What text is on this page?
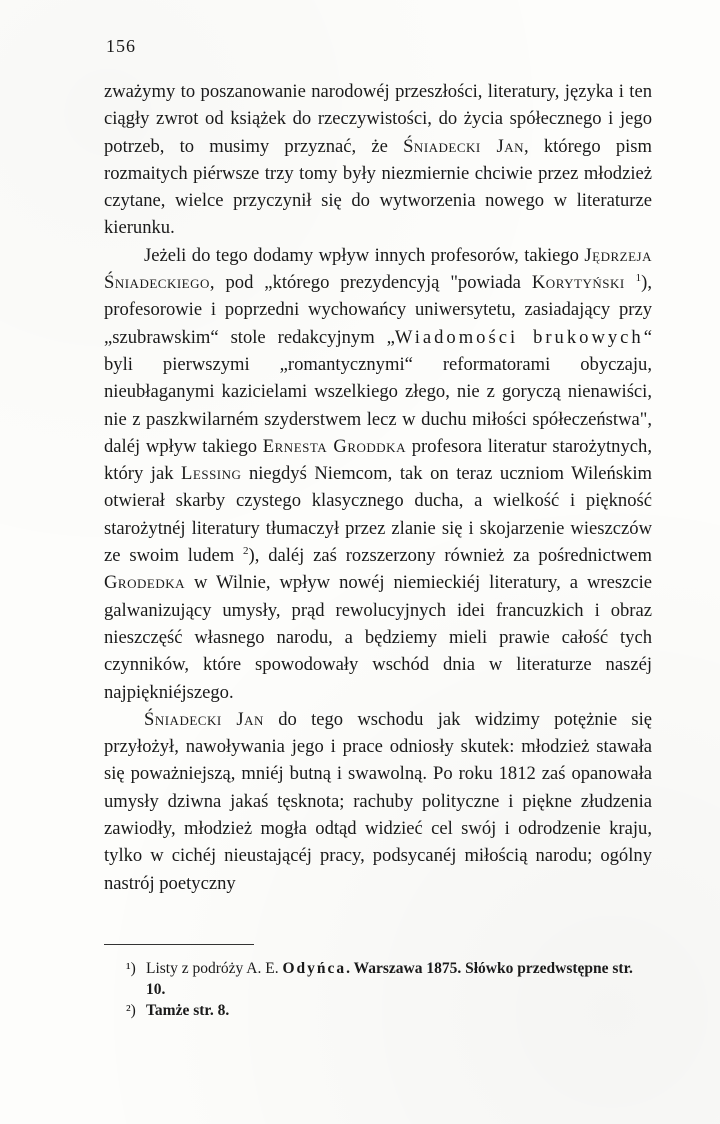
156

zważymy to poszanowanie narodowéj przeszłości, literatury, języka i ten ciągły zwrot od książek do rzeczywistości, do życia spółecznego i jego potrzeb, to musimy przyznać, że Śniadecki Jan, którego pism rozmaitych piérwsze trzy tomy były niezmiernie chciwie przez młodzież czytane, wielce przyczynił się do wytworzenia nowego w literaturze kierunku.

Jeżeli do tego dodamy wpływ innych profesorów, takiego Jędrzeja Śniadeckiego, pod „którego prezydencyją "powiada Korytyński $^1$), profesorowie i poprzedni wychowańcy uniwersytetu, zasiadający przy „szubrawskim“ stole redakcyjnym „Wiadomości brukowych“ byli pierwszymi „romantycznymi“ reformatorami obyczaju, nieubłaganymi kazicielami wszelkiego złego, nie z goryczą nienawiści, nie z paszkwilarném szyderstwem lecz w duchu miłości spółeczeństwa", daléj wpływ takiego Ernesta Groddka profesora literatur starożytnych, który jak Lessing niegdyś Niemcom, tak on teraz uczniom Wileńskim otwierał skarby czystego klasycznego ducha, a wielkość i piękność starożytnéj literatury tłumaczył przez zlanie się i skojarzenie wieszczów ze swoim ludem $^2$), daléj zaś rozszerzony również za pośrednictwem Grodedka w Wilnie, wpływ nowéj niemieckiéj literatury, a wreszcie galwanizujący umysły, prąd rewolucyjnych idei francuzkich i obraz nieszczęść własnego narodu, a będziemy mieli prawie całość tych czynników, które spowodowały wschód dnia w literaturze naszéj najpiękniéjszego.

Śniadecki Jan do tego wschodu jak widzimy potężnie się przyłożył, nawoływania jego i prace odniosły skutek: młodzież stawała się poważniejszą, mniéj butną i swawolną. Po roku 1812 zaś opanowała umysły dziwna jakaś tęsknota; rachuby polityczne i piękne złudzenia zawiodły, młodzież mogła odtąd widzieć cel swój i odrodzenie kraju, tylko w cichéj nieustającéj pracy, podsycanéj miłością narodu; ogólny nastrój poetyczny

¹) Listy z podróży A. E. Odyńca. Warszawa 1875. Słówko przedwstępne str. 10.

²) Tamże str. 8.
